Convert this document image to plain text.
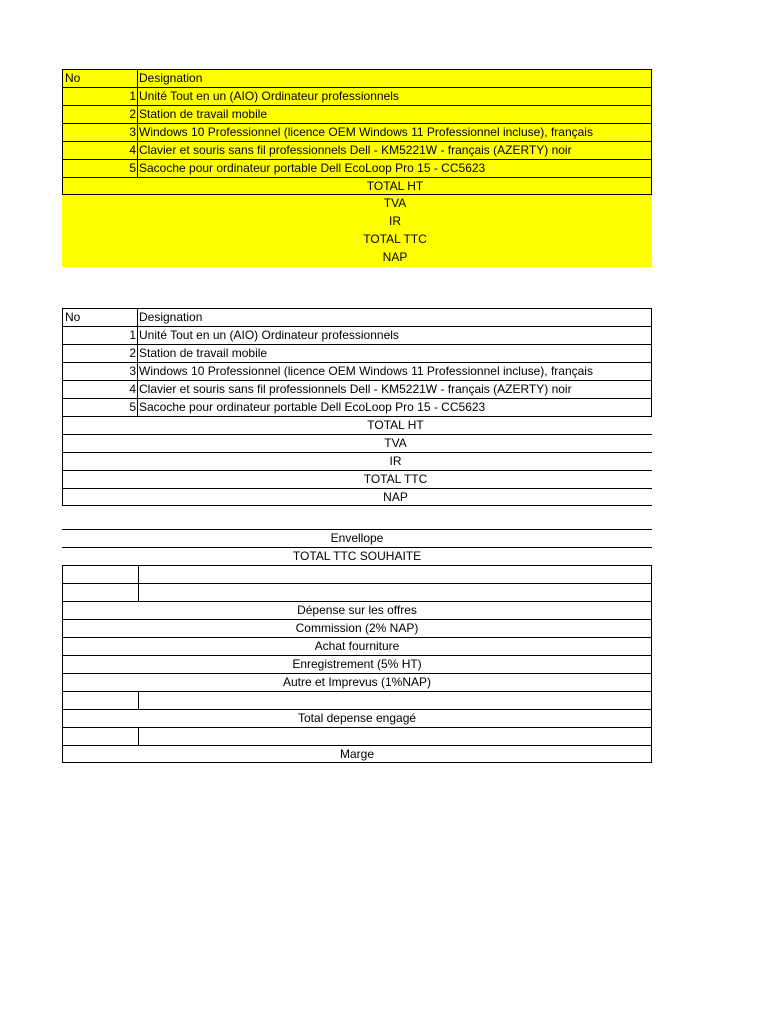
No	Designation
1 Unité Tout en un (AIO) Ordinateur professionnels
2 Station de travail mobile
3 Windows 10 Professionnel (licence OEM Windows 11 Professionnel incluse), français
4 Clavier et souris sans fil professionnels Dell - KM5221W - français (AZERTY) noir
5 Sacoche pour ordinateur portable Dell EcoLoop Pro 15 - CC5623
TOTAL HT
TVA
IR
TOTAL TTC
NAP
No	Designation
1 Unité Tout en un (AIO) Ordinateur professionnels
2 Station de travail mobile
3 Windows 10 Professionnel (licence OEM Windows 11 Professionnel incluse), français
4 Clavier et souris sans fil professionnels Dell - KM5221W - français (AZERTY) noir
5 Sacoche pour ordinateur portable Dell EcoLoop Pro 15 - CC5623
TOTAL HT
TVA
IR
TOTAL TTC
NAP
Envellope
TOTAL TTC SOUHAITE
Dépense sur les offres
Commission (2% NAP)
Achat fourniture
Enregistrement (5% HT)
Autre et Imprevus (1%NAP)
Total depense engagé
Marge
